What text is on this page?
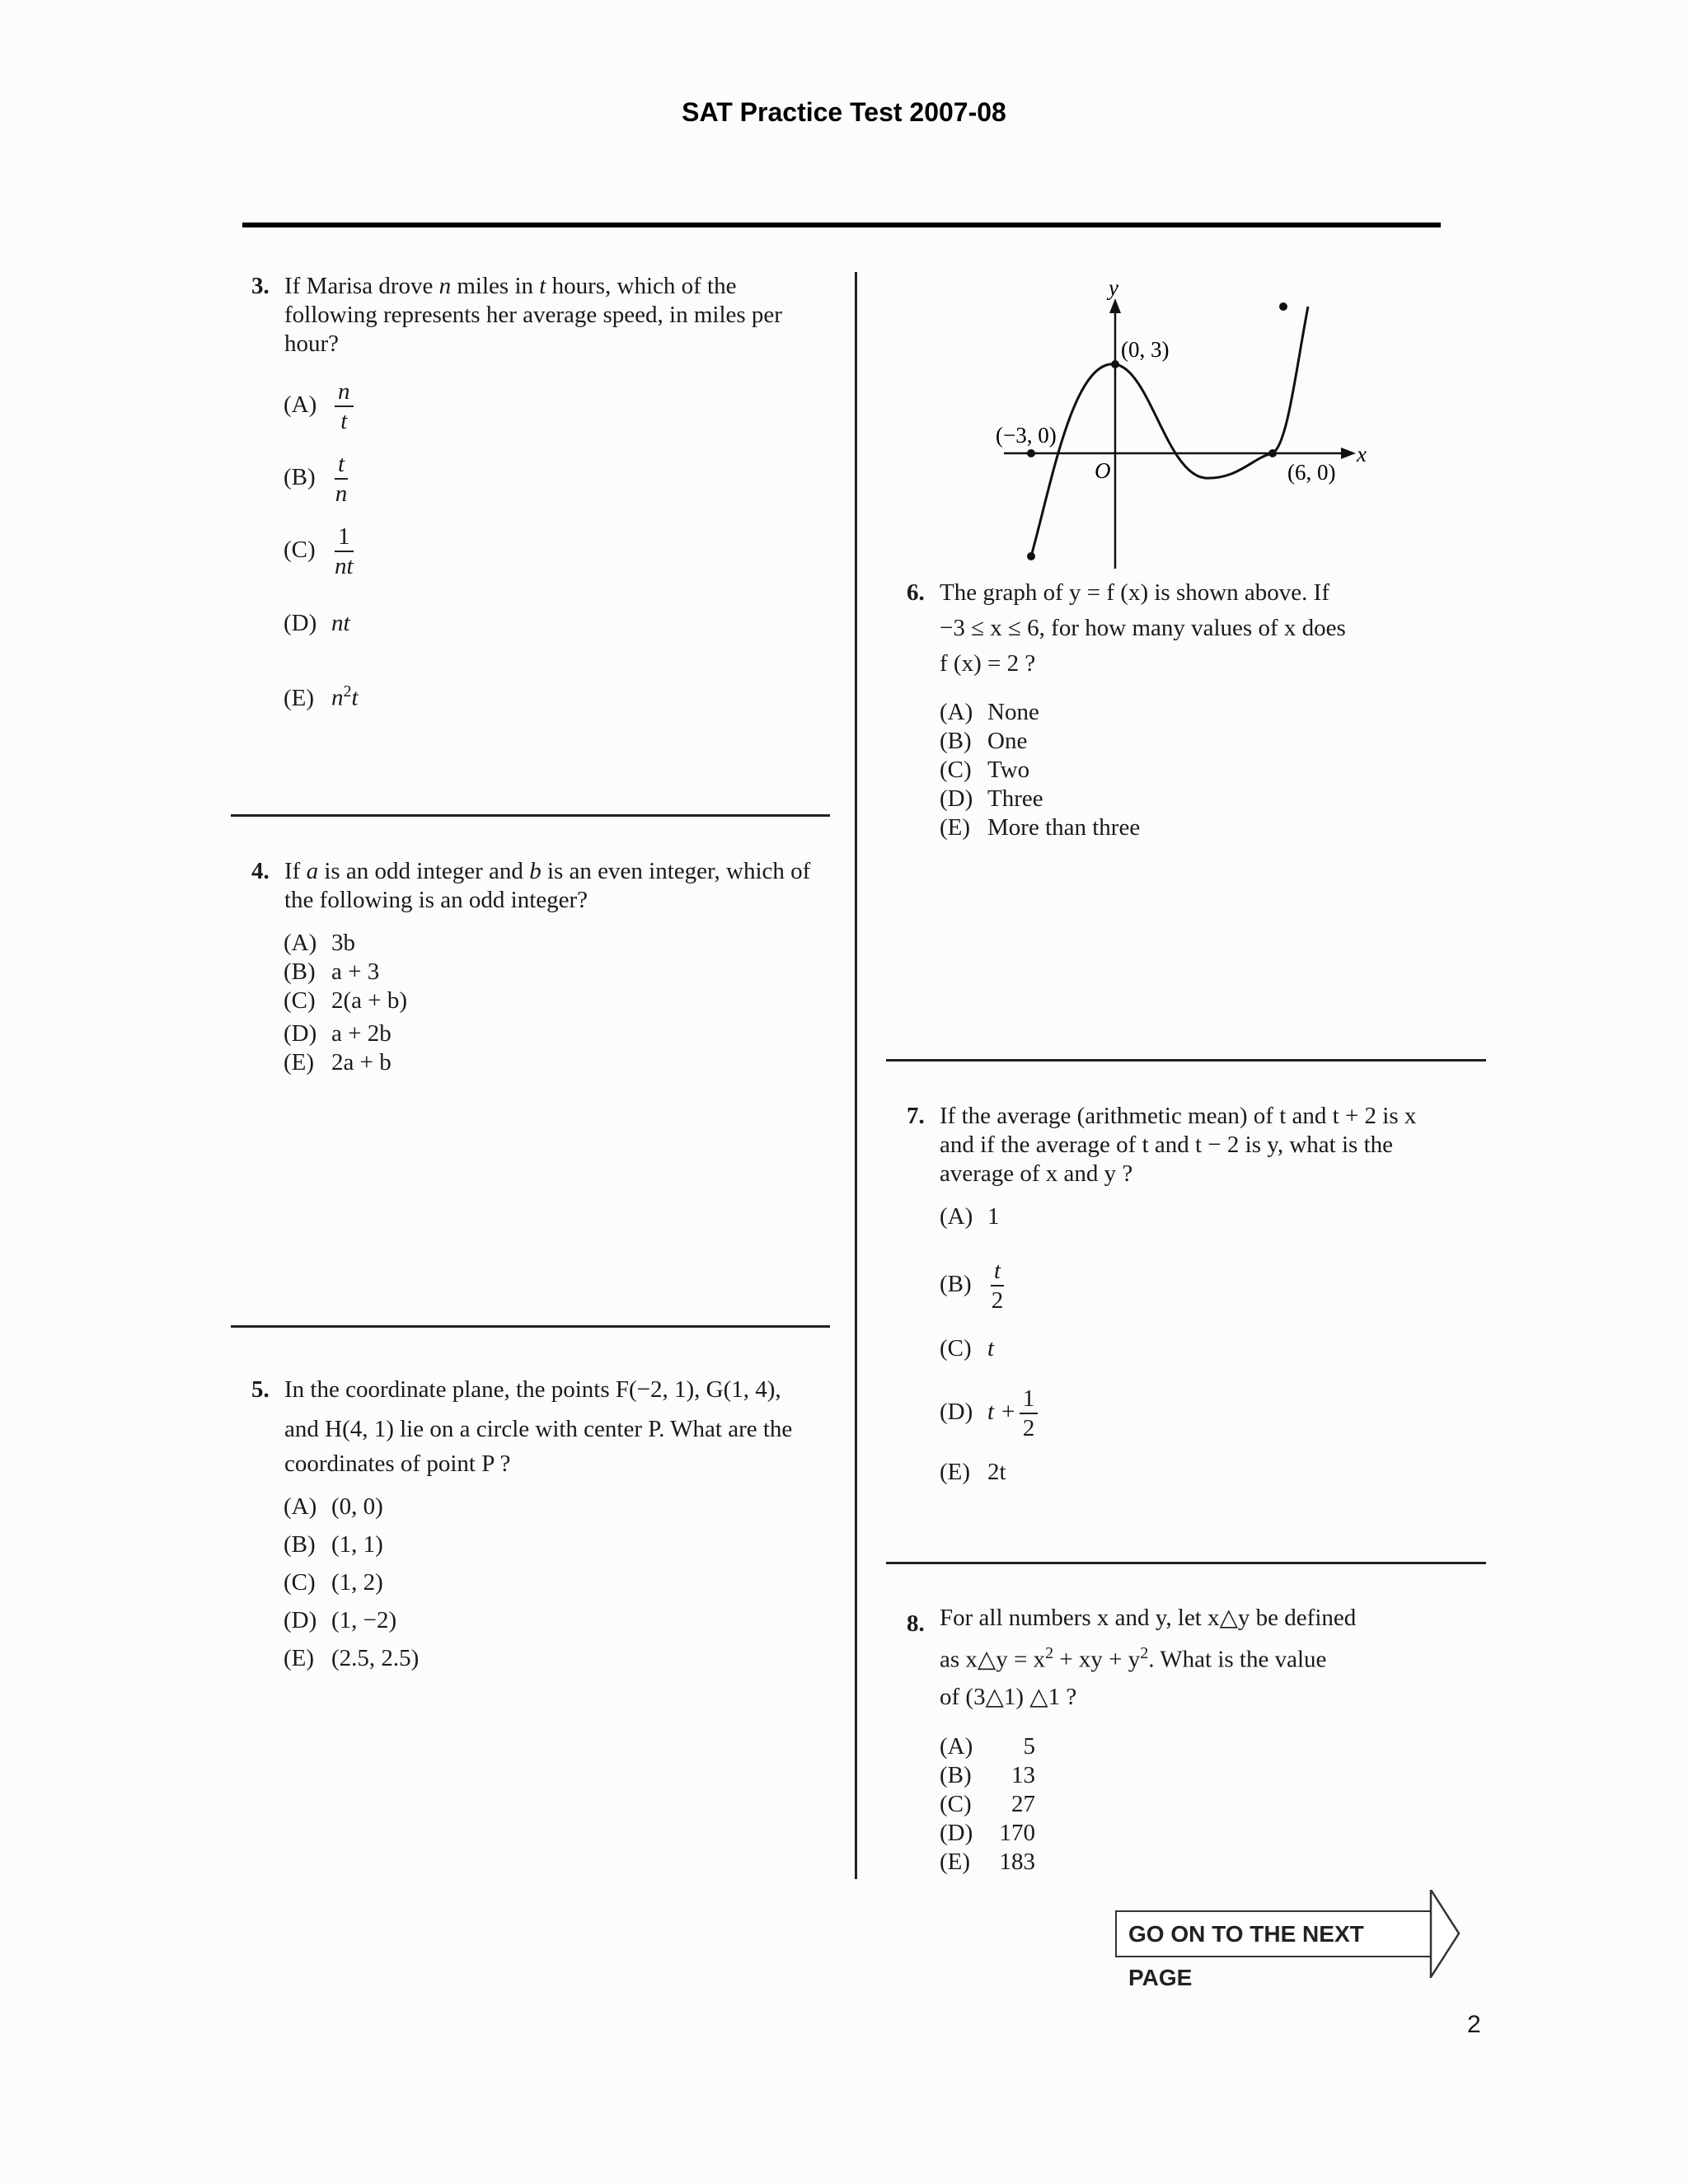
SAT Practice Test 2007-08
3. If Marisa drove n miles in t hours, which of the following represents her average speed, in miles per hour?
$(A) \frac{n}{t}$
$(B) \frac{t}{n}$
$(C) \frac{1}{nt}$
(D) nt
(E) $n^2t$
4. If a is an odd integer and b is an even integer, which of the following is an odd integer?
(A) 3b
(B) a + 3
(C) 2(a + b)
(D) a + 2b
(E) 2a + b
5. In the coordinate plane, the points F(−2, 1), G(1, 4),
and H(4, 1) lie on a circle with center P. What are the
coordinates of point P ?
(A) (0, 0)
(B) (1, 1)
(C) (1, 2)
(D) (1, −2)
(E) (2.5, 2.5)
y
x
O
(0, 3)
(−3, 0)
(6, 0)
6. The graph of y = f (x) is shown above. If
−3 ≤ x ≤ 6, for how many values of x does
f (x) = 2 ?
(A) None
(B) One
(C) Two
(D) Three
(E) More than three
7. If the average (arithmetic mean) of t and t + 2 is x
and if the average of t and t − 2 is y, what is the
average of x and y ?
(A) 1
$(B) \frac{t}{2}$
(C) t
(D) $t + \frac{1}{2}$
(E) 2t
8. For all numbers x and y, let x△y be defined
as x△y = $x^2$ + xy + $y^2$. What is the value
of (3△1) △1 ?
(A) 5
(B) 13
(C) 27
(D) 170
(E) 183
GO ON TO THE NEXT PAGE
2
